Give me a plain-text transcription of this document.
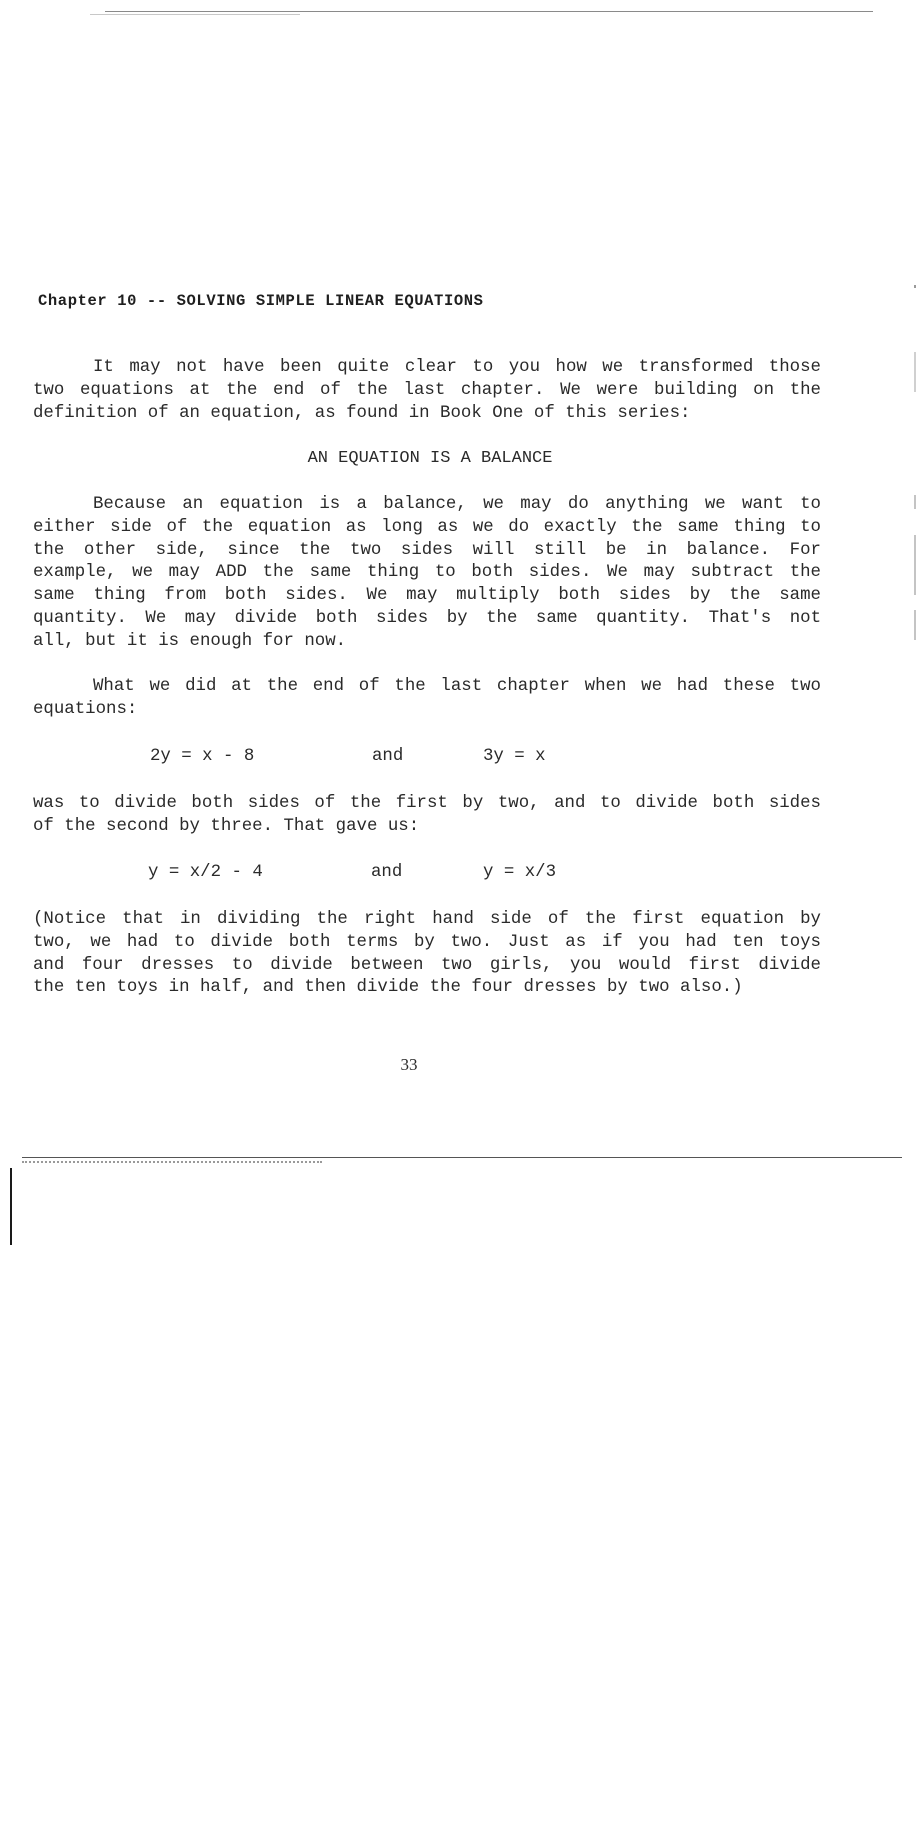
Chapter 10 -- SOLVING SIMPLE LINEAR EQUATIONS
It may not have been quite clear to you how we transformed those
two equations at the end of the last chapter. We were building on the
definition of an equation, as found in Book One of this series:
AN EQUATION IS A BALANCE
Because an equation is a balance, we may do anything we want to
either side of the equation as long as we do exactly the same thing to
the other side, since the two sides will still be in balance. For
example, we may ADD the same thing to both sides. We may subtract the
same thing from both sides. We may multiply both sides by the same
quantity. We may divide both sides by the same quantity. That's not
all, but it is enough for now.
What we did at the end of the last chapter when we had these two
equations:
2y = x - 8	and	3y = x
was to divide both sides of the first by two, and to divide both sides
of the second by three. That gave us:
y = x/2 - 4	and	y = x/3
(Notice that in dividing the right hand side of the first equation by
two, we had to divide both terms by two. Just as if you had ten toys
and four dresses to divide between two girls, you would first divide
the ten toys in half, and then divide the four dresses by two also.)
33
